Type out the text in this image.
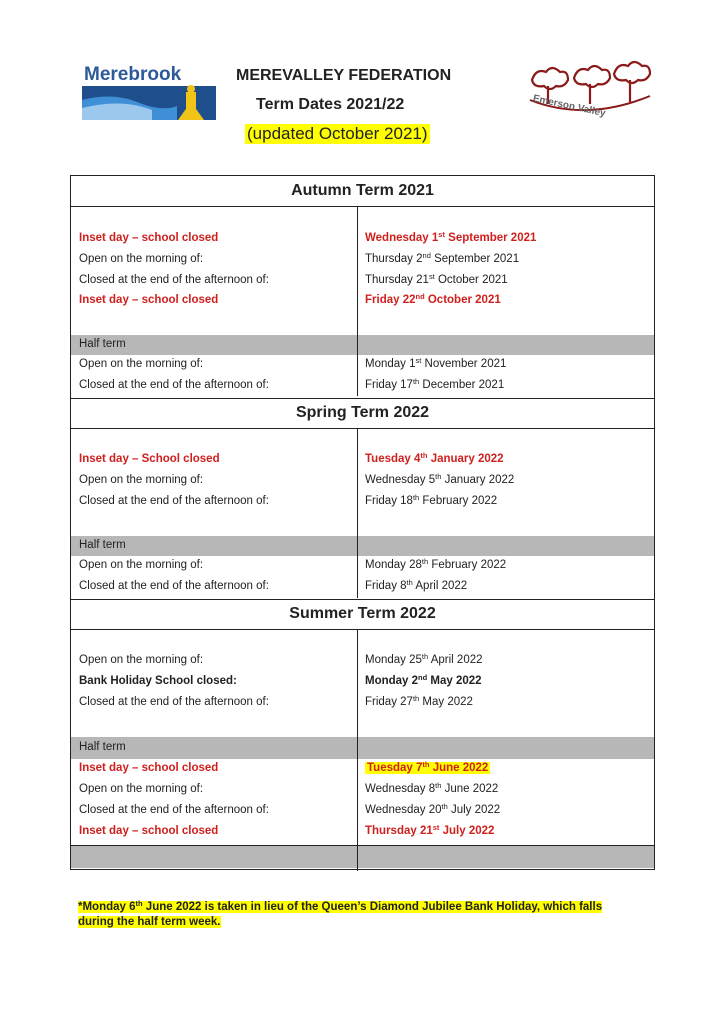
Merebrook
Emerson Valley
MEREVALLEY FEDERATION
Term Dates 2021/22
(updated October 2021)
Autumn Term 2021
Inset day – school closed	Wednesday 1st September 2021
Open on the morning of:	Thursday 2nd September 2021
Closed at the end of the afternoon of:	Thursday 21st October 2021
Inset day – school closed	Friday 22nd October 2021
Half term
Open on the morning of:	Monday 1st November 2021
Closed at the end of the afternoon of:	Friday 17th December 2021
Spring Term 2022
Inset day – School closed	Tuesday 4th January 2022
Open on the morning of:	Wednesday 5th January 2022
Closed at the end of the afternoon of:	Friday 18th February 2022
Half term
Open on the morning of:	Monday 28th February 2022
Closed at the end of the afternoon of:	Friday 8th April 2022
Summer Term 2022
Open on the morning of:	Monday 25th April 2022
Bank Holiday School closed:	Monday 2nd May 2022
Closed at the end of the afternoon of:	Friday 27th May 2022
Half term
Inset day – school closed	Tuesday 7th June 2022
Open on the morning of:	Wednesday 8th June 2022
Closed at the end of the afternoon of:	Wednesday 20th July 2022
Inset day – school closed	Thursday 21st July 2022
*Monday 6th June 2022 is taken in lieu of the Queen’s Diamond Jubilee Bank Holiday, which falls during the half term week.
